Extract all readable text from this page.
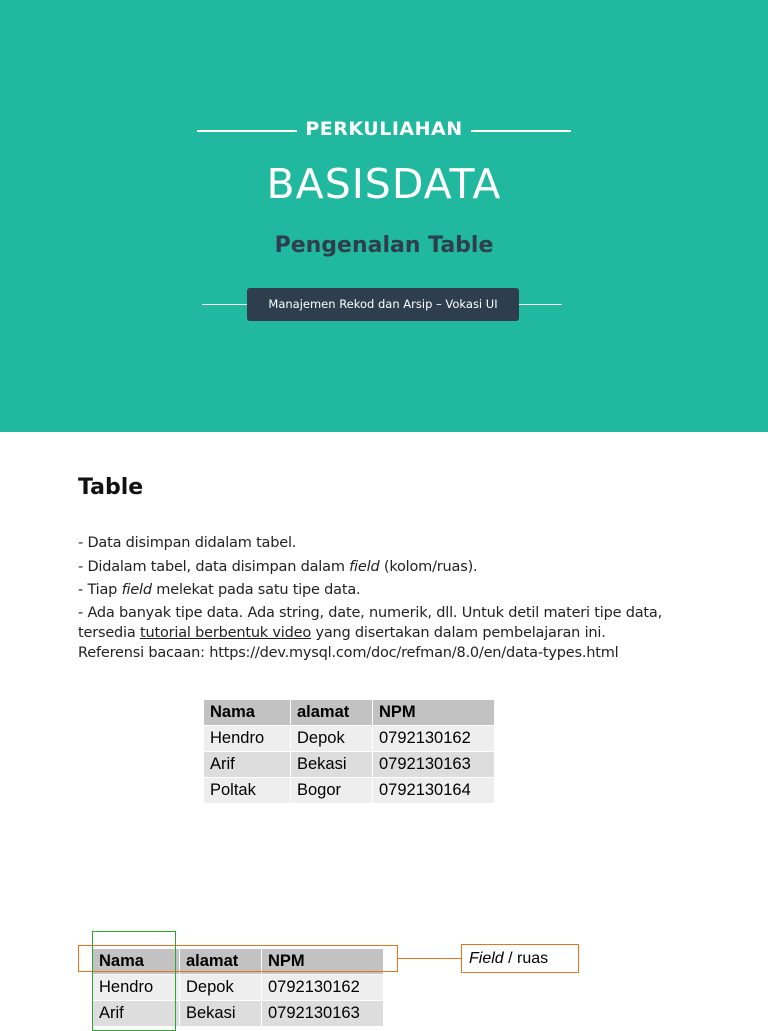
PERKULIAHAN
BASISDATA
Pengenalan Table
Manajemen Rekod dan Arsip – Vokasi UI
Table

- Data disimpan didalam tabel.

- Didalam tabel, data disimpan dalam field (kolom/ruas).

- Tiap field melekat pada satu tipe data.

- Ada banyak tipe data. Ada string, date, numerik, dll. Untuk detil materi tipe data,

tersedia tutorial berbentuk video yang disertakan dalam pembelajaran ini.

Referensi bacaan: https://dev.mysql.com/doc/refman/8.0/en/data-types.html

Nama	alamat	NPM
Hendro	Depok	0792130162
Arif	Bekasi	0792130163
Poltak	Bogor	0792130164
Nama	alamat	NPM
Hendro	Depok	0792130162
Arif	Bekasi	0792130163
Field / ruas
